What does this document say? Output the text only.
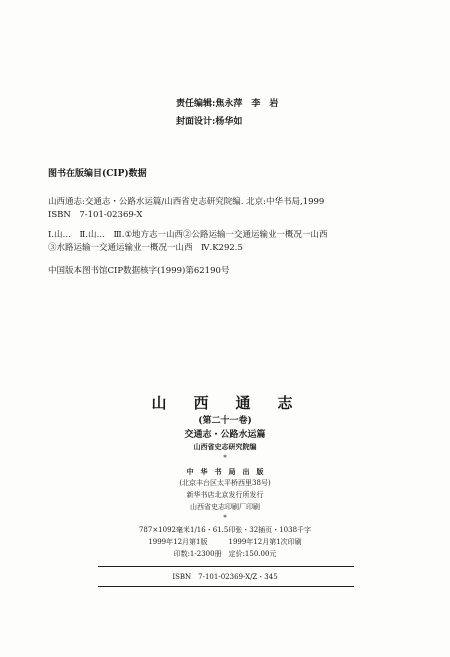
责任编辑:焦永萍　李　岩
封面设计:杨华如
图书在版编目(CIP)数据
山西通志:交通志・公路水运篇/山西省史志研究院编. 北京:中华书局,1999
ISBN　7-101-02369-X
Ⅰ.山…　Ⅱ.山…　Ⅲ.①地方志一山西②公路运输一交通运输业一概况一山西
③水路运输一交通运输业一概况一山西　Ⅳ.K292.5
中国版本图书馆CIP数据核字(1999)第62190号
山　西　通　志
(第二十一卷)
交通志・公路水运篇
山西省史志研究院编
*
中　华　书　局　出　版
(北京丰台区太平桥西里38号)
新华书店北京发行所发行
山西省史志印刷厂印刷
*
787×1092毫米1/16・61.5印张・32插页・1038千字
1999年12月第1版　　　1999年12月第1次印刷
印数:1-2300册　定价:150.00元
ISBN　7-101-02369-X/Z・345
